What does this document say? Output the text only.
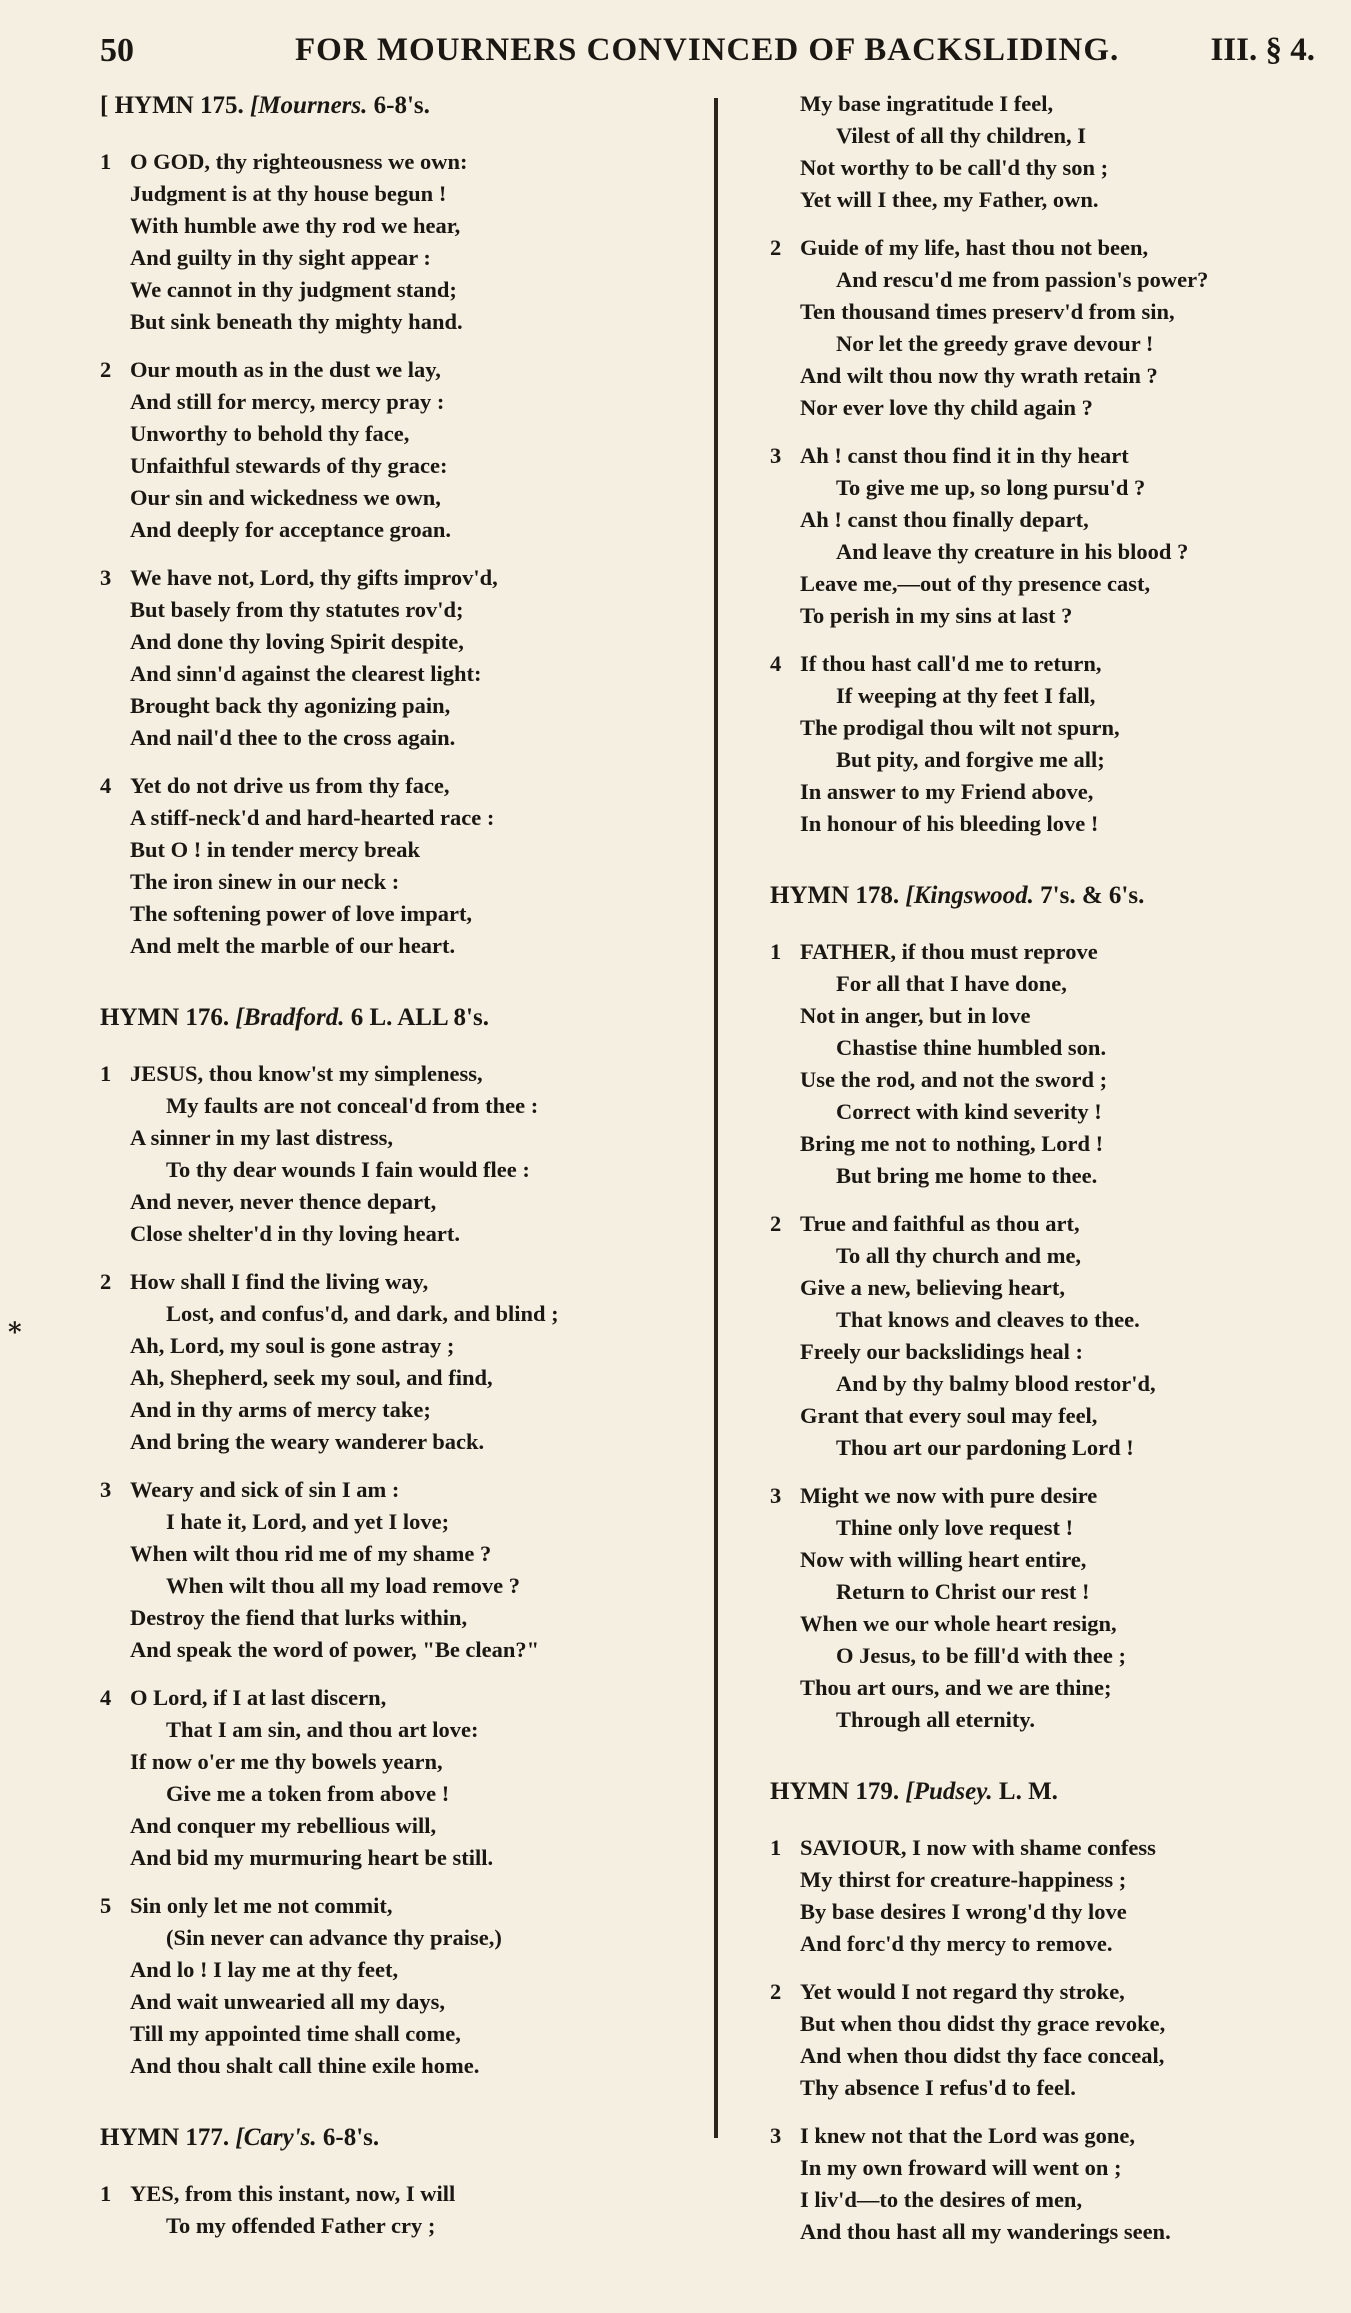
50	FOR MOURNERS CONVINCED OF BACKSLIDING.	III. § 4.
*
[ HYMN 175. [Mourners. 6-8's.
1 O GOD, thy righteousness we own:
Judgment is at thy house begun !
With humble awe thy rod we hear,
And guilty in thy sight appear :
We cannot in thy judgment stand;
But sink beneath thy mighty hand.
2 Our mouth as in the dust we lay,
And still for mercy, mercy pray :
Unworthy to behold thy face,
Unfaithful stewards of thy grace:
Our sin and wickedness we own,
And deeply for acceptance groan.
3 We have not, Lord, thy gifts improv'd,
But basely from thy statutes rov'd;
And done thy loving Spirit despite,
And sinn'd against the clearest light:
Brought back thy agonizing pain,
And nail'd thee to the cross again.
4 Yet do not drive us from thy face,
A stiff-neck'd and hard-hearted race :
But O ! in tender mercy break
The iron sinew in our neck :
The softening power of love impart,
And melt the marble of our heart.
HYMN 176. [Bradford. 6 L. ALL 8's.
1 JESUS, thou know'st my simpleness,
My faults are not conceal'd from thee :
A sinner in my last distress,
To thy dear wounds I fain would flee :
And never, never thence depart,
Close shelter'd in thy loving heart.
2 How shall I find the living way,
Lost, and confus'd, and dark, and blind ;
Ah, Lord, my soul is gone astray ;
Ah, Shepherd, seek my soul, and find,
And in thy arms of mercy take;
And bring the weary wanderer back.
3 Weary and sick of sin I am :
I hate it, Lord, and yet I love;
When wilt thou rid me of my shame ?
When wilt thou all my load remove ?
Destroy the fiend that lurks within,
And speak the word of power, "Be clean?"
4 O Lord, if I at last discern,
That I am sin, and thou art love:
If now o'er me thy bowels yearn,
Give me a token from above !
And conquer my rebellious will,
And bid my murmuring heart be still.
5 Sin only let me not commit,
(Sin never can advance thy praise,)
And lo ! I lay me at thy feet,
And wait unwearied all my days,
Till my appointed time shall come,
And thou shalt call thine exile home.
HYMN 177. [Cary's. 6-8's.
1 YES, from this instant, now, I will
To my offended Father cry ;
My base ingratitude I feel,
Vilest of all thy children, I
Not worthy to be call'd thy son ;
Yet will I thee, my Father, own.
2 Guide of my life, hast thou not been,
And rescu'd me from passion's power?
Ten thousand times preserv'd from sin,
Nor let the greedy grave devour !
And wilt thou now thy wrath retain ?
Nor ever love thy child again ?
3 Ah ! canst thou find it in thy heart
To give me up, so long pursu'd ?
Ah ! canst thou finally depart,
And leave thy creature in his blood ?
Leave me,—out of thy presence cast,
To perish in my sins at last ?
4 If thou hast call'd me to return,
If weeping at thy feet I fall,
The prodigal thou wilt not spurn,
But pity, and forgive me all;
In answer to my Friend above,
In honour of his bleeding love !
HYMN 178. [Kingswood. 7's. & 6's.
1 FATHER, if thou must reprove
For all that I have done,
Not in anger, but in love
Chastise thine humbled son.
Use the rod, and not the sword ;
Correct with kind severity !
Bring me not to nothing, Lord !
But bring me home to thee.
2 True and faithful as thou art,
To all thy church and me,
Give a new, believing heart,
That knows and cleaves to thee.
Freely our backslidings heal :
And by thy balmy blood restor'd,
Grant that every soul may feel,
Thou art our pardoning Lord !
3 Might we now with pure desire
Thine only love request !
Now with willing heart entire,
Return to Christ our rest !
When we our whole heart resign,
O Jesus, to be fill'd with thee ;
Thou art ours, and we are thine;
Through all eternity.
HYMN 179. [Pudsey. L. M.
1 SAVIOUR, I now with shame confess
My thirst for creature-happiness ;
By base desires I wrong'd thy love
And forc'd thy mercy to remove.
2 Yet would I not regard thy stroke,
But when thou didst thy grace revoke,
And when thou didst thy face conceal,
Thy absence I refus'd to feel.
3 I knew not that the Lord was gone,
In my own froward will went on ;
I liv'd—to the desires of men,
And thou hast all my wanderings seen.
